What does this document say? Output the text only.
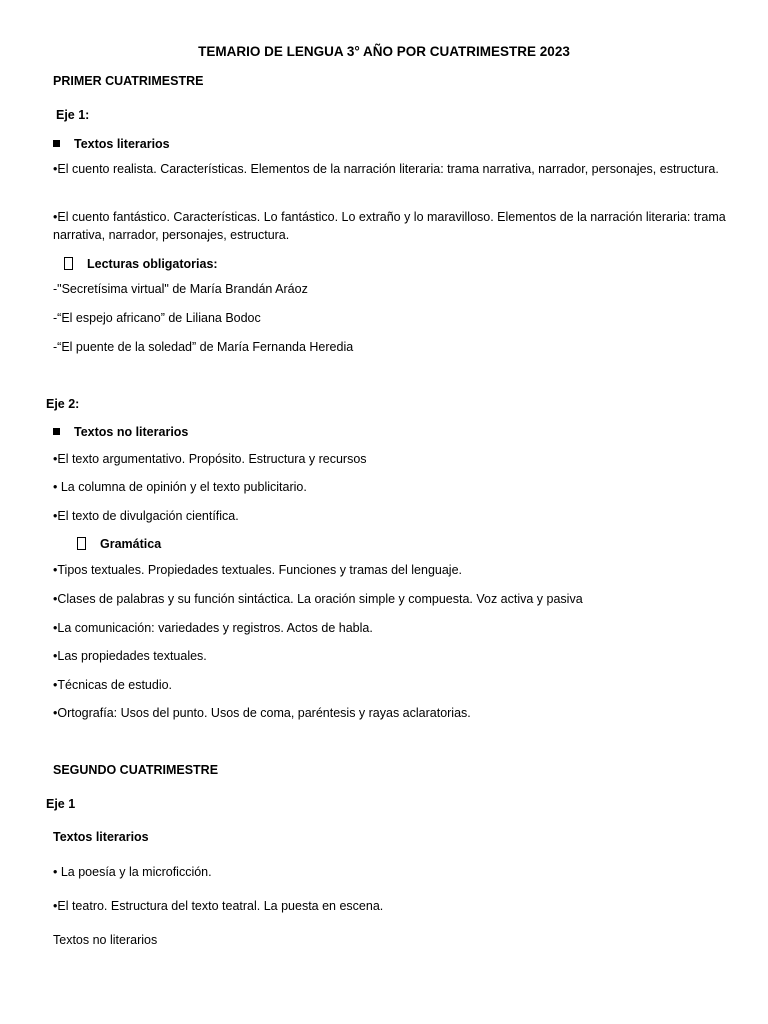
TEMARIO DE LENGUA 3° AÑO POR CUATRIMESTRE 2023
PRIMER CUATRIMESTRE
Eje 1:
Textos literarios
•El cuento realista. Características. Elementos de la narración literaria: trama narrativa, narrador, personajes, estructura.
•El cuento fantástico. Características. Lo fantástico. Lo extraño y lo maravilloso. Elementos de la narración literaria: trama narrativa, narrador, personajes, estructura.
Lecturas obligatorias:
-"Secretísima virtual" de María Brandán Aráoz
-“El espejo africano” de Liliana Bodoc
-“El puente de la soledad” de María Fernanda Heredia
Eje 2:
Textos no literarios
•El texto argumentativo. Propósito. Estructura y recursos
• La columna de opinión y el texto publicitario.
•El texto de divulgación científica.
Gramática
•Tipos textuales. Propiedades textuales. Funciones y tramas del lenguaje.
•Clases de palabras y su función sintáctica. La oración simple y compuesta. Voz activa y pasiva
•La comunicación: variedades y registros. Actos de habla.
•Las propiedades textuales.
•Técnicas de estudio.
•Ortografía: Usos del punto. Usos de coma, paréntesis y rayas aclaratorias.
SEGUNDO CUATRIMESTRE
Eje 1
Textos literarios
• La poesía y la microficción.
•El teatro. Estructura del texto teatral. La puesta en escena.
Textos no literarios
